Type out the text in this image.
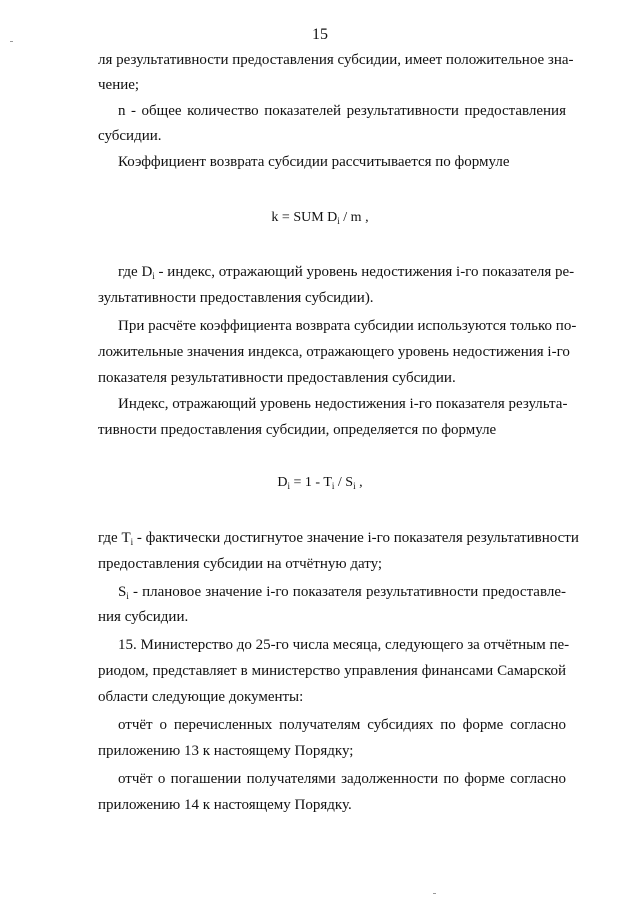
15
ля результативности предоставления субсидии, имеет положительное зна-
чение;
n - общее количество показателей результативности предоставления
субсидии.
Коэффициент возврата субсидии рассчитывается по формуле
k = SUM $D_i$ / m ,
где $D_i$ - индекс, отражающий уровень недостижения i-го показателя ре-
зультативности предоставления субсидии).
При расчёте коэффициента возврата субсидии используются только по-
ложительные значения индекса, отражающего уровень недостижения i-го
показателя результативности предоставления субсидии.
Индекс, отражающий уровень недостижения i-го показателя результа-
тивности предоставления субсидии, определяется по формуле
$D_i = 1 - T_i / S_i$ ,
где $T_i$ - фактически достигнутое значение i-го показателя результативности
предоставления субсидии на отчётную дату;
$S_i$ - плановое значение i-го показателя результативности предоставле-
ния субсидии.
15. Министерство до 25-го числа месяца, следующего за отчётным пе-
риодом, представляет в министерство управления финансами Самарской
области следующие документы:
отчёт о перечисленных получателям субсидиях по форме согласно
приложению 13 к настоящему Порядку;
отчёт о погашении получателями задолженности по форме согласно
приложению 14 к настоящему Порядку.
